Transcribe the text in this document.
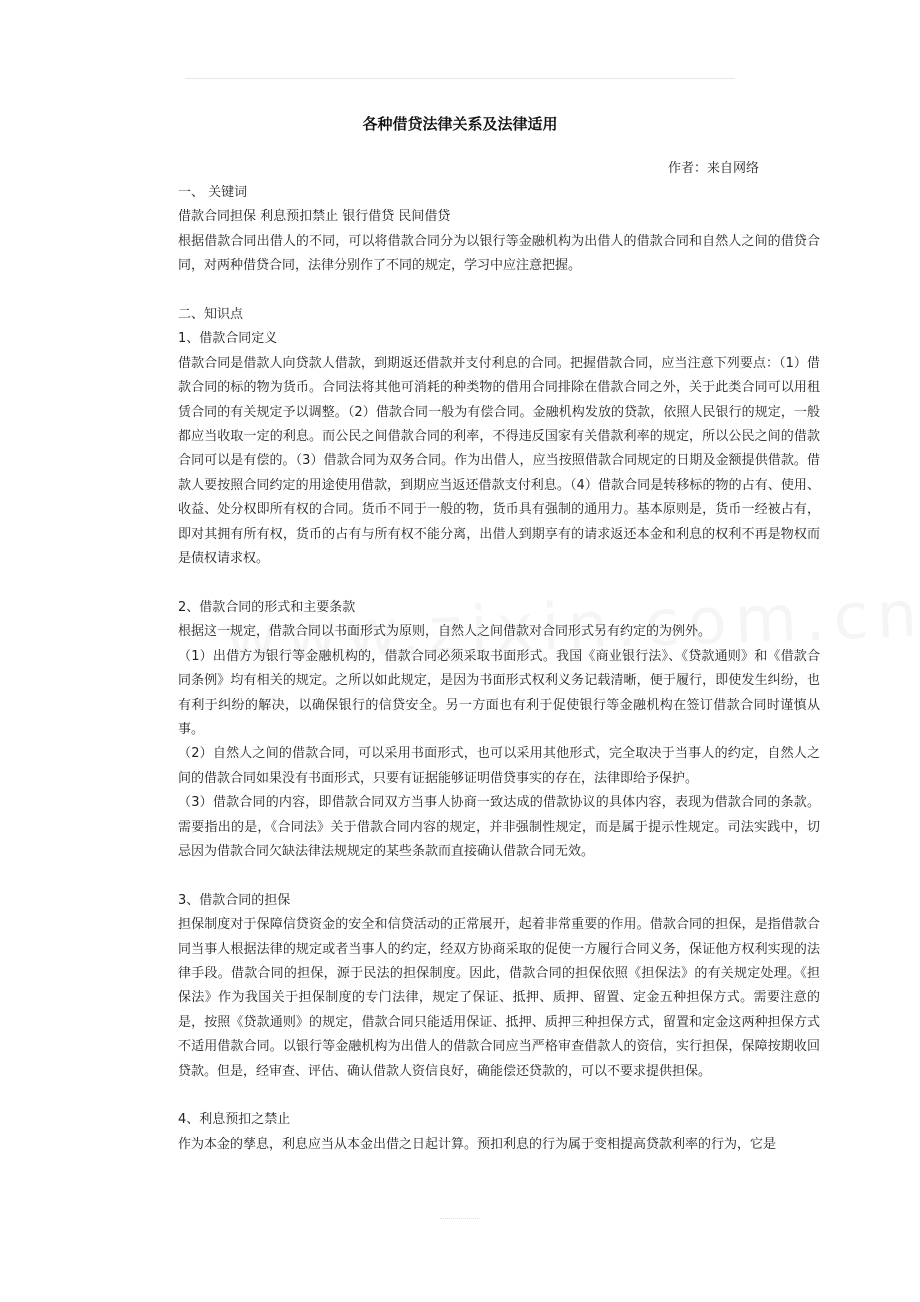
各种借贷法律关系及法律适用
作者：来自网络

一、 关键词

借款合同担保 利息预扣禁止 银行借贷 民间借贷

根据借款合同出借人的不同，可以将借款合同分为以银行等金融机构为出借人的借款合同和自然人之间的借贷合同，对两种借贷合同，法律分别作了不同的规定，学习中应注意把握。

二、知识点

1、借款合同定义

借款合同是借款人向贷款人借款，到期返还借款并支付利息的合同。把握借款合同，应当注意下列要点：（1）借款合同的标的物为货币。合同法将其他可消耗的种类物的借用合同排除在借款合同之外，关于此类合同可以用租赁合同的有关规定予以调整。（2）借款合同一般为有偿合同。金融机构发放的贷款，依照人民银行的规定，一般都应当收取一定的利息。而公民之间借款合同的利率，不得违反国家有关借款利率的规定，所以公民之间的借款合同可以是有偿的。（3）借款合同为双务合同。作为出借人，应当按照借款合同规定的日期及金额提供借款。借款人要按照合同约定的用途使用借款，到期应当返还借款支付利息。（4）借款合同是转移标的物的占有、使用、收益、处分权即所有权的合同。货币不同于一般的物，货币具有强制的通用力。基本原则是，货币一经被占有，即对其拥有所有权，货币的占有与所有权不能分离，出借人到期享有的请求返还本金和利息的权利不再是物权而是债权请求权。

2、借款合同的形式和主要条款

根据这一规定，借款合同以书面形式为原则，自然人之间借款对合同形式另有约定的为例外。

（1）出借方为银行等金融机构的，借款合同必须采取书面形式。我国《商业银行法》、《贷款通则》和《借款合同条例》均有相关的规定。之所以如此规定，是因为书面形式权利义务记载清晰，便于履行，即使发生纠纷，也有利于纠纷的解决，以确保银行的信贷安全。另一方面也有利于促使银行等金融机构在签订借款合同时谨慎从事。

（2）自然人之间的借款合同，可以采用书面形式，也可以采用其他形式，完全取决于当事人的约定，自然人之间的借款合同如果没有书面形式，只要有证据能够证明借贷事实的存在，法律即给予保护。

（3）借款合同的内容，即借款合同双方当事人协商一致达成的借款协议的具体内容，表现为借款合同的条款。需要指出的是，《合同法》关于借款合同内容的规定，并非强制性规定，而是属于提示性规定。司法实践中，切忌因为借款合同欠缺法律法规规定的某些条款而直接确认借款合同无效。

3、借款合同的担保

担保制度对于保障信贷资金的安全和信贷活动的正常展开，起着非常重要的作用。借款合同的担保，是指借款合同当事人根据法律的规定或者当事人的约定，经双方协商采取的促使一方履行合同义务，保证他方权利实现的法律手段。借款合同的担保，源于民法的担保制度。因此，借款合同的担保依照《担保法》的有关规定处理。《担保法》作为我国关于担保制度的专门法律，规定了保证、抵押、质押、留置、定金五种担保方式。需要注意的是，按照《贷款通则》的规定，借款合同只能适用保证、抵押、质押三种担保方式，留置和定金这两种担保方式不适用借款合同。以银行等金融机构为出借人的借款合同应当严格审查借款人的资信，实行担保，保障按期收回贷款。但是，经审查、评估、确认借款人资信良好，确能偿还贷款的，可以不要求提供担保。

4、利息预扣之禁止

作为本金的孳息，利息应当从本金出借之日起计算。预扣利息的行为属于变相提高贷款利率的行为，它是
